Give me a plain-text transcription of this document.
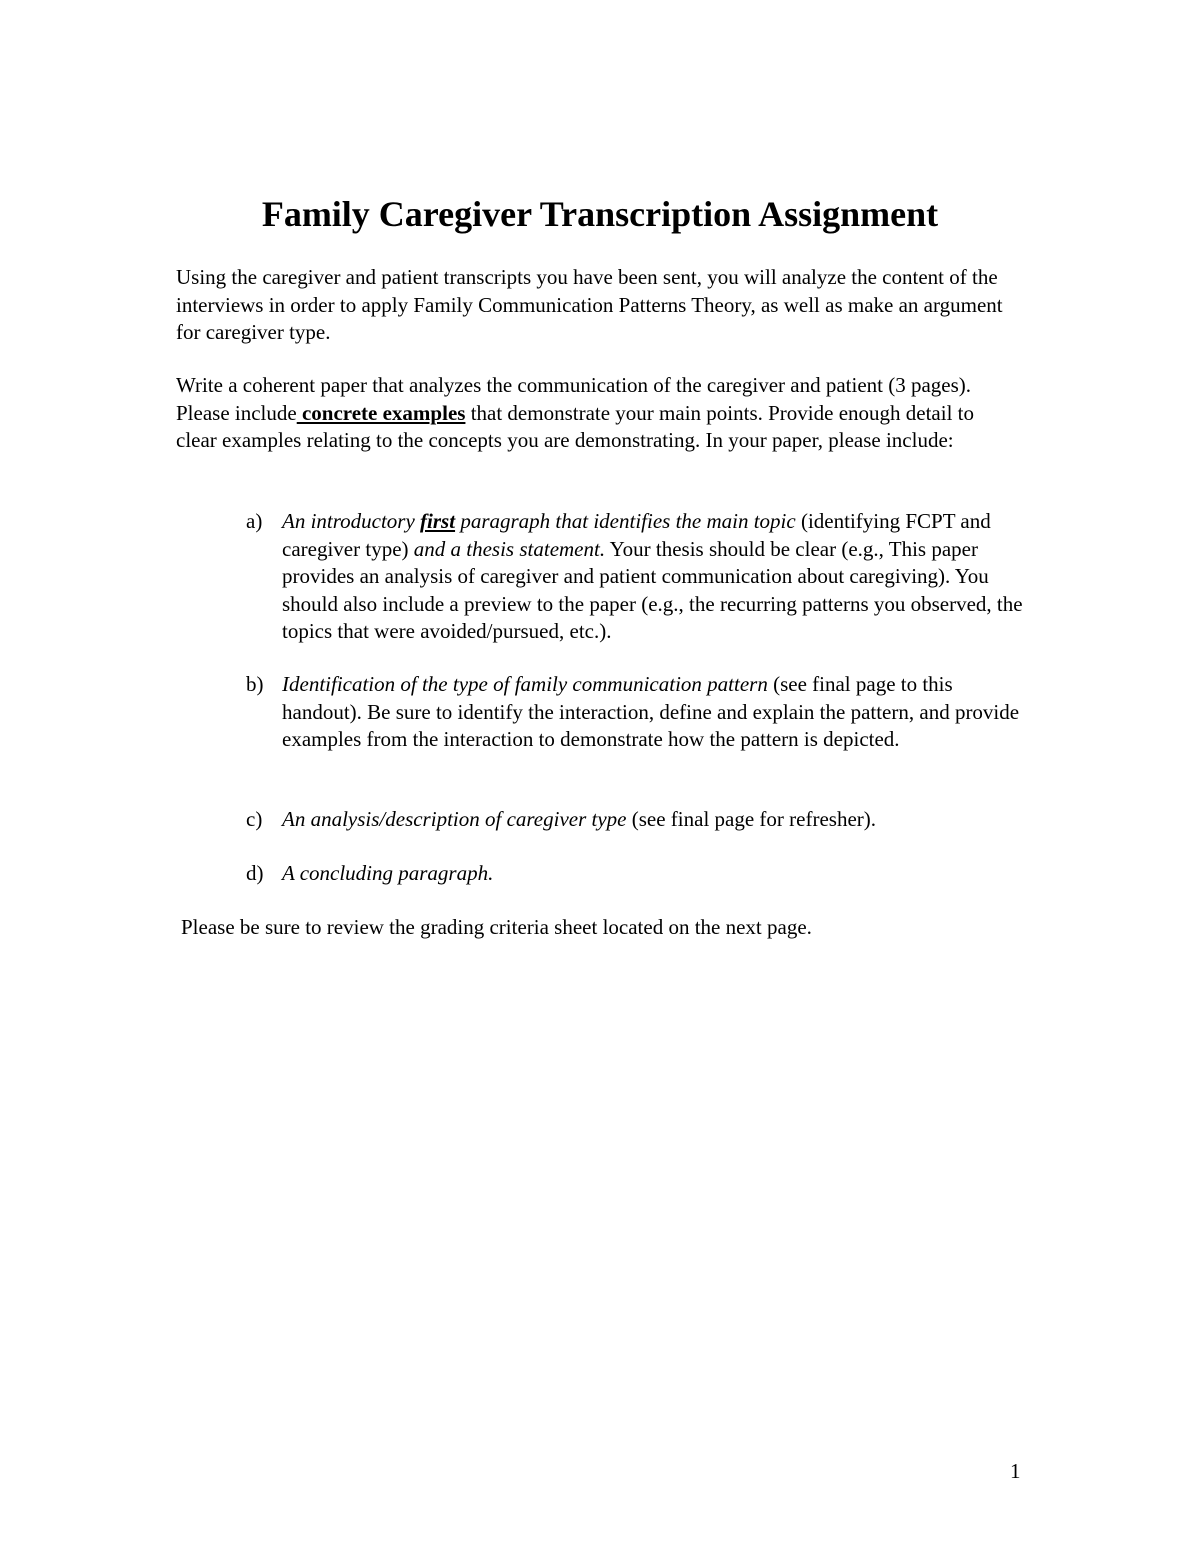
Family Caregiver Transcription Assignment

Using the caregiver and patient transcripts you have been sent, you will analyze the content of the interviews in order to apply Family Communication Patterns Theory, as well as make an argument for caregiver type.

Write a coherent paper that analyzes the communication of the caregiver and patient (3 pages). Please include concrete examples that demonstrate your main points. Provide enough detail to clear examples relating to the concepts you are demonstrating. In your paper, please include:

a) An introductory first paragraph that identifies the main topic (identifying FCPT and caregiver type) and a thesis statement. Your thesis should be clear (e.g., This paper provides an analysis of caregiver and patient communication about caregiving). You should also include a preview to the paper (e.g., the recurring patterns you observed, the topics that were avoided/pursued, etc.).
b) Identification of the type of family communication pattern (see final page to this handout). Be sure to identify the interaction, define and explain the pattern, and provide examples from the interaction to demonstrate how the pattern is depicted.
c) An analysis/description of caregiver type (see final page for refresher).
d) A concluding paragraph.

Please be sure to review the grading criteria sheet located on the next page.

1
